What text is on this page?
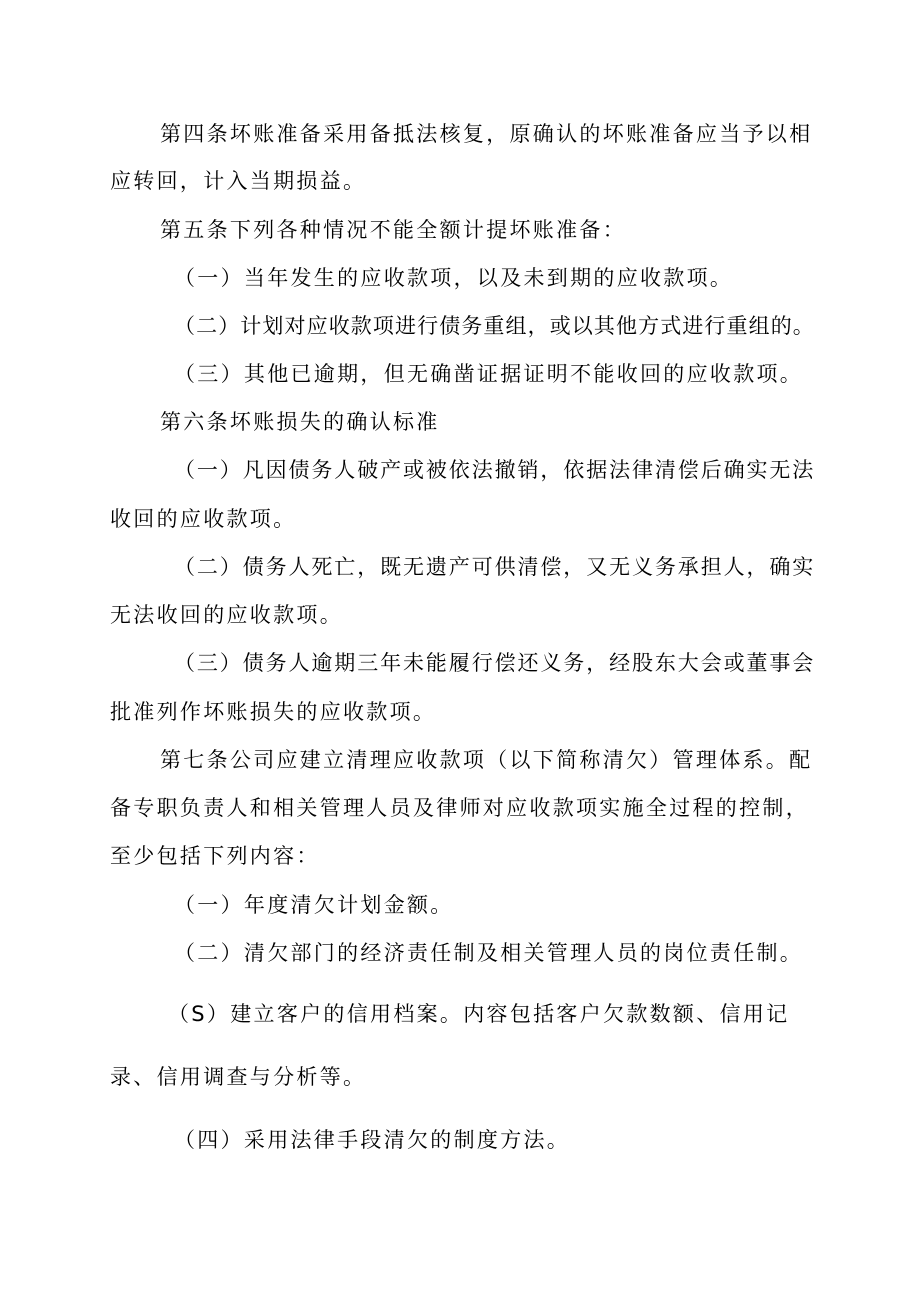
第四条坏账准备采用备抵法核复，原确认的坏账准备应当予以相
应转回，计入当期损益。
第五条下列各种情况不能全额计提坏账准备：
（一）当年发生的应收款项，以及未到期的应收款项。
（二）计划对应收款项进行债务重组，或以其他方式进行重组的。
（三）其他已逾期，但无确凿证据证明不能收回的应收款项。
第六条坏账损失的确认标准
（一）凡因债务人破产或被依法撤销，依据法律清偿后确实无法
收回的应收款项。
（二）债务人死亡，既无遗产可供清偿，又无义务承担人，确实
无法收回的应收款项。
（三）债务人逾期三年未能履行偿还义务，经股东大会或董事会
批准列作坏账损失的应收款项。
第七条公司应建立清理应收款项（以下简称清欠）管理体系。配
备专职负责人和相关管理人员及律师对应收款项实施全过程的控制，
至少包括下列内容：
（一）年度清欠计划金额。
（二）清欠部门的经济责任制及相关管理人员的岗位责任制。
（S）建立客户的信用档案。内容包括客户欠款数额、信用记
录、信用调查与分析等。
（四）采用法律手段清欠的制度方法。
